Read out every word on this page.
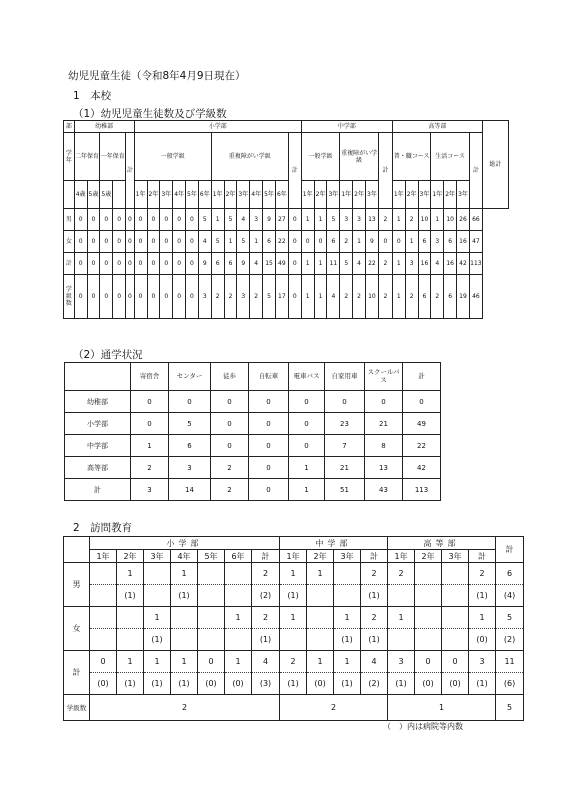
幼児児童生徒（令和8年4月9日現在）
1　本校
（1）幼児児童生徒数及び学級数
部	幼稚部					小学部													中学部							高等部							総計
学年	二年保育		一年保育		計	一般学級						重複障がい学級						計	一般学級			重複障がい学級			計	普・職コース			生活コース			計	
	4歳	5歳	5歳			1年	2年	3年	4年	5年	6年	1年	2年	3年	4年	5年	6年		1年	2年	3年	1年	2年	3年		1年	2年	3年	1年	2年	3年		
男	0	0	0	0	0	0	0	0	0	0	5	1	5	4	3	9	27	0	1	1	5	3	3	13	2	1	2	10	1	10	26	66	
女	0	0	0	0	0	0	0	0	0	0	4	5	1	5	1	6	22	0	0	0	6	2	1	9	0	0	1	6	3	6	16	47	
計	0	0	0	0	0	0	0	0	0	0	9	6	6	9	4	15	49	0	1	1	11	5	4	22	2	1	3	16	4	16	42	113	
学級数	0	0	0	0	0	0	0	0	0	0	3	2	2	3	2	5	17	0	1	1	4	2	2	10	2	1	2	6	2	6	19	46	
（2）通学状況
	寄宿舎	センター	徒歩	自転車	電車バス	自家用車	スクールバス	計
幼稚部	0	0	0	0	0	0	0	0
小学部	0	5	0	0	0	23	21	49
中学部	1	6	0	0	0	7	8	22
高等部	2	3	2	0	1	21	13	42
計	3	14	2	0	1	51	43	113
2　訪問教育
	小学部							中学部				高等部				計
	1年	2年	3年	4年	5年	6年	計	1年	2年	3年	計	1年	2年	3年	計	
男		1		1			2	1	1		2	2			2	6
		(1)		(1)			(2)	(1)			(1)				(1)	(4)
女			1			1	2	1		1	2	1			1	5
			(1)				(1)			(1)	(1)				(0)	(2)
計	0	1	1	1	0	1	4	2	1	1	4	3	0	0	3	11
	(0)	(1)	(1)	(1)	(0)	(0)	(3)	(1)	(0)	(1)	(2)	(1)	(0)	(0)	(1)	(6)
学級数	2							2				1				5
（　）内は病院等内数
